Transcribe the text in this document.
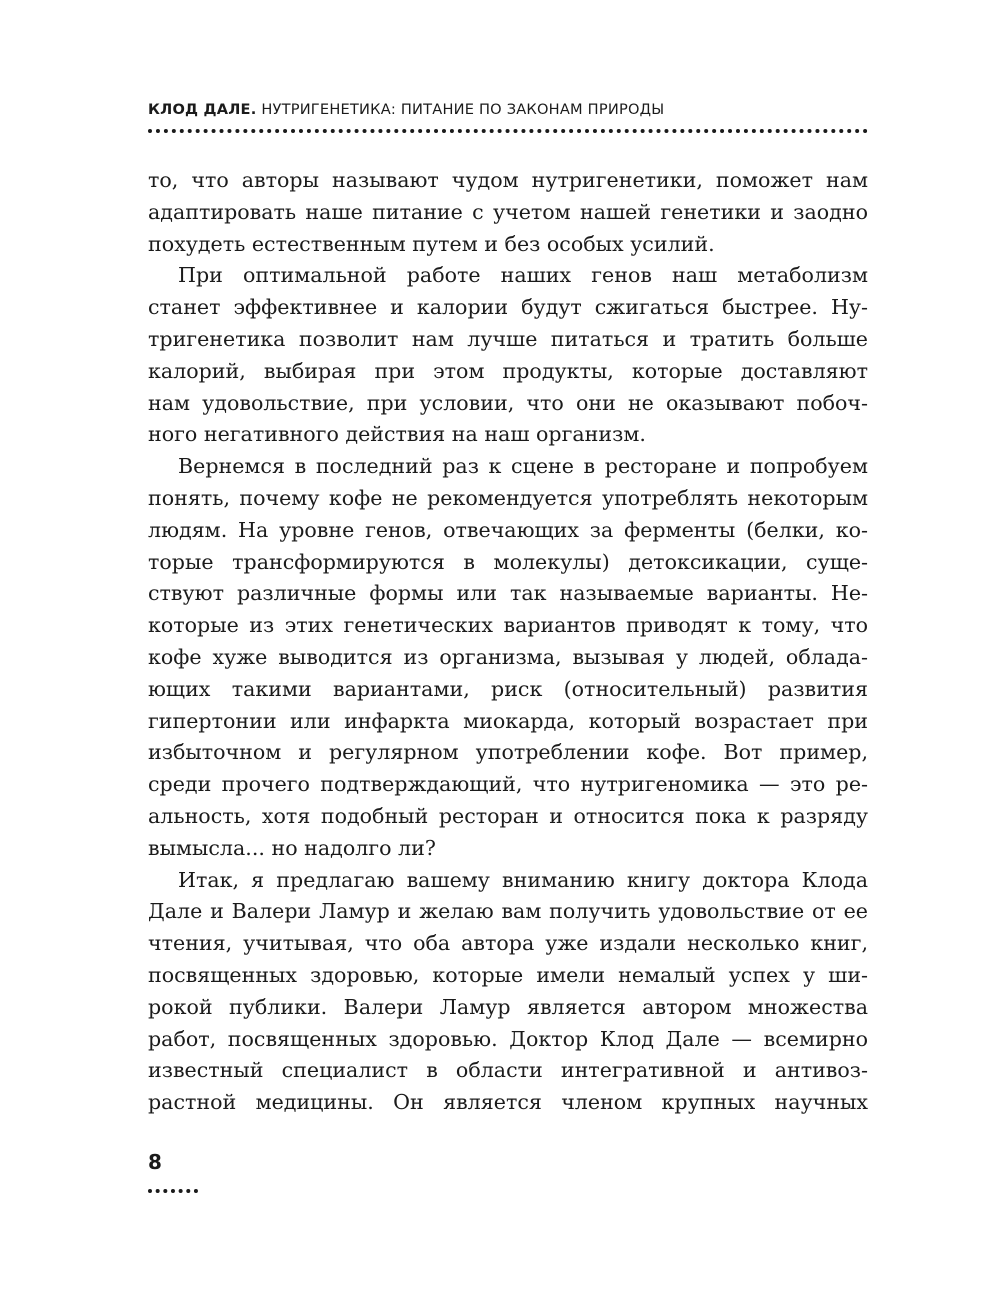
КЛОД ДАЛЕ. НУТРИГЕНЕТИКА: ПИТАНИЕ ПО ЗАКОНАМ ПРИРОДЫ
то, что авторы называют чудом нутригенетики, поможет нам
адаптировать наше питание с учетом нашей генетики и заодно
похудеть естественным путем и без особых усилий.
При оптимальной работе наших генов наш метаболизм
станет эффективнее и калории будут сжигаться быстрее. Ну-
тригенетика позволит нам лучше питаться и тратить больше
калорий, выбирая при этом продукты, которые доставляют
нам удовольствие, при условии, что они не оказывают побоч-
ного негативного действия на наш организм.
Вернемся в последний раз к сцене в ресторане и попробуем
понять, почему кофе не рекомендуется употреблять некоторым
людям. На уровне генов, отвечающих за ферменты (белки, ко-
торые трансформируются в молекулы) детоксикации, суще-
ствуют различные формы или так называемые варианты. Не-
которые из этих генетических вариантов приводят к тому, что
кофе хуже выводится из организма, вызывая у людей, облада-
ющих такими вариантами, риск (относительный) развития
гипертонии или инфаркта миокарда, который возрастает при
избыточном и регулярном употреблении кофе. Вот пример,
среди прочего подтверждающий, что нутригеномика — это ре-
альность, хотя подобный ресторан и относится пока к разряду
вымысла... но надолго ли?
Итак, я предлагаю вашему вниманию книгу доктора Клода
Дале и Валери Ламур и желаю вам получить удовольствие от ее
чтения, учитывая, что оба автора уже издали несколько книг,
посвященных здоровью, которые имели немалый успех у ши-
рокой публики. Валери Ламур является автором множества
работ, посвященных здоровью. Доктор Клод Дале — всемирно
известный специалист в области интегративной и антивоз-
растной медицины. Он является членом крупных научных
8
